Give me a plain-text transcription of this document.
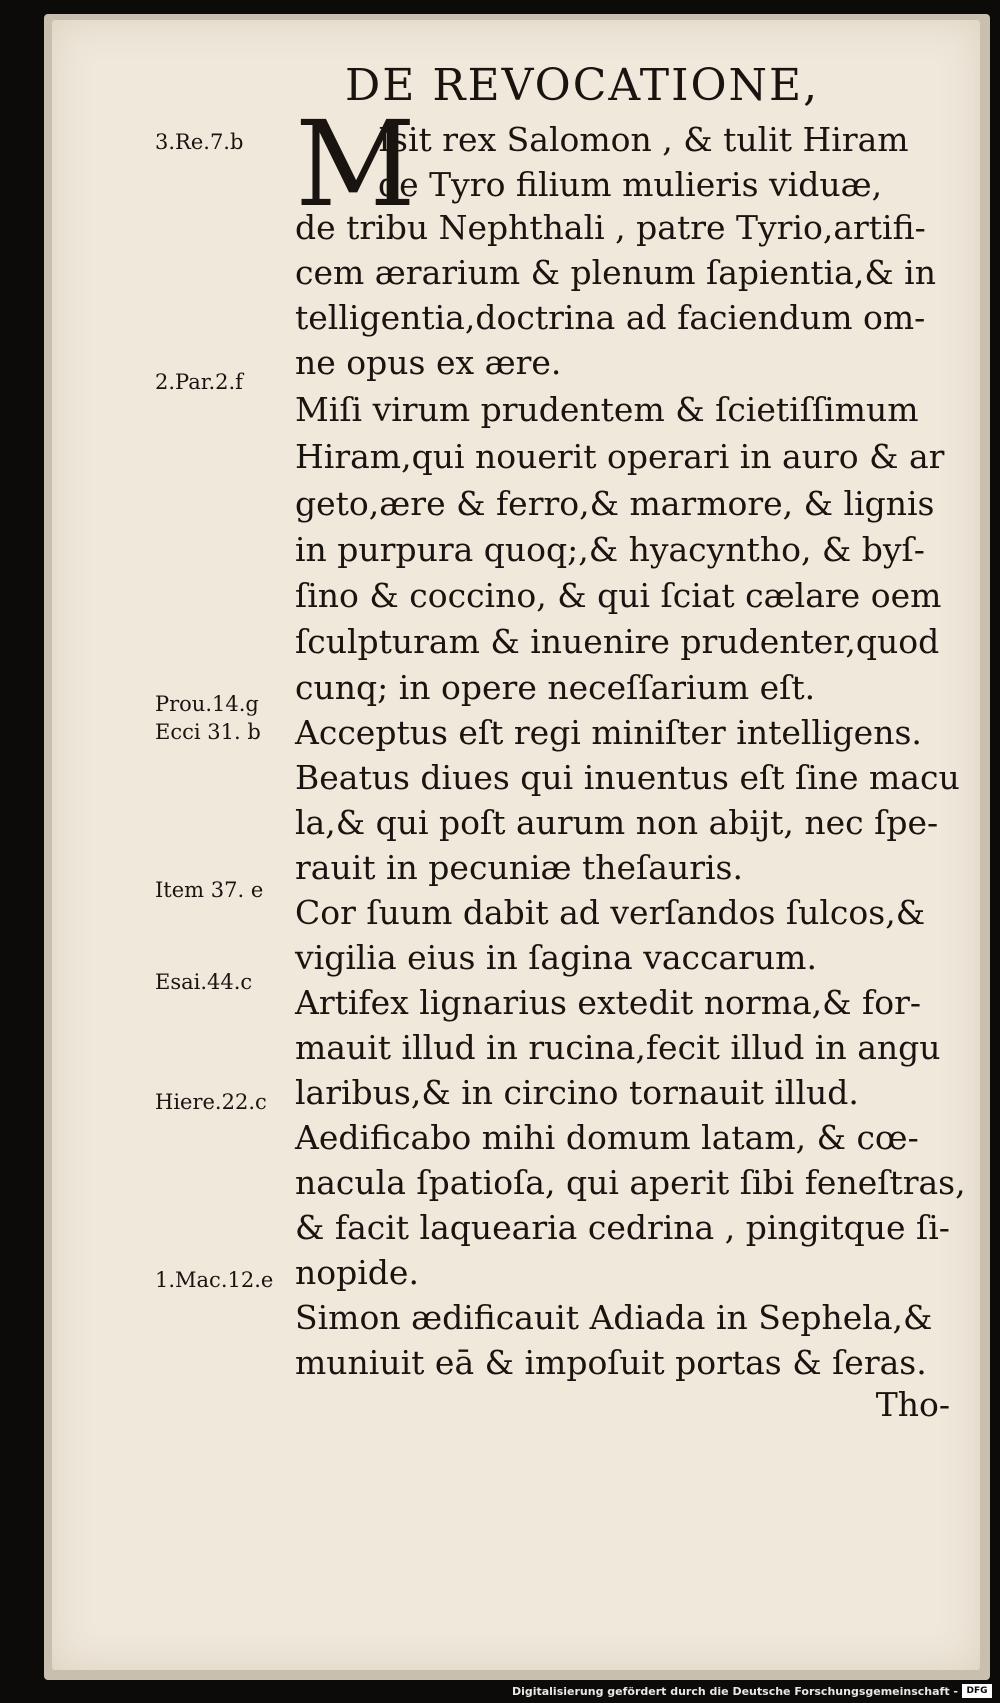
DE REVOCATIONE,
M
3.Re.7.b
2.Par.2.f
Prou.14.g
Ecci 31. b
Item 37. e
Esai.44.c
Hiere.22.c
1.Mac.12.e
Isit rex Salomon , & tulit Hiram
de Tyro filium mulieris viduæ,
de tribu Nephthali , patre Tyrio,artifi-
cem ærarium & plenum ſapientia,& in
telligentia,doctrina ad faciendum om-
ne opus ex ære.
Miſi virum prudentem & ſcietiſſimum
Hiram,qui nouerit operari in auro & ar
geto,ære & ferro,& marmore, & lignis
in purpura quoq;,& hyacyntho, & byſ-
ſino & coccino, & qui ſciat cælare oem
ſculpturam & inuenire prudenter,quod
cunq; in opere neceſſarium eſt.
Acceptus eſt regi miniſter intelligens.
Beatus diues qui inuentus eſt ſine macu
la,& qui poſt aurum non abijt, nec ſpe-
rauit in pecuniæ theſauris.
Cor ſuum dabit ad verſandos ſulcos,&
vigilia eius in ſagina vaccarum.
Artifex lignarius extedit norma,& for-
mauit illud in rucina,fecit illud in angu
laribus,& in circino tornauit illud.
Aedificabo mihi domum latam, & cœ-
nacula ſpatioſa, qui aperit ſibi feneſtras,
& facit laquearia cedrina , pingitque ſi-
nopide.
Simon ædificauit Adiada in Sephela,&
muniuit eā & impoſuit portas & ſeras.
Tho-
Digitalisierung gefördert durch die Deutsche Forschungsgemeinschaft - DFG
